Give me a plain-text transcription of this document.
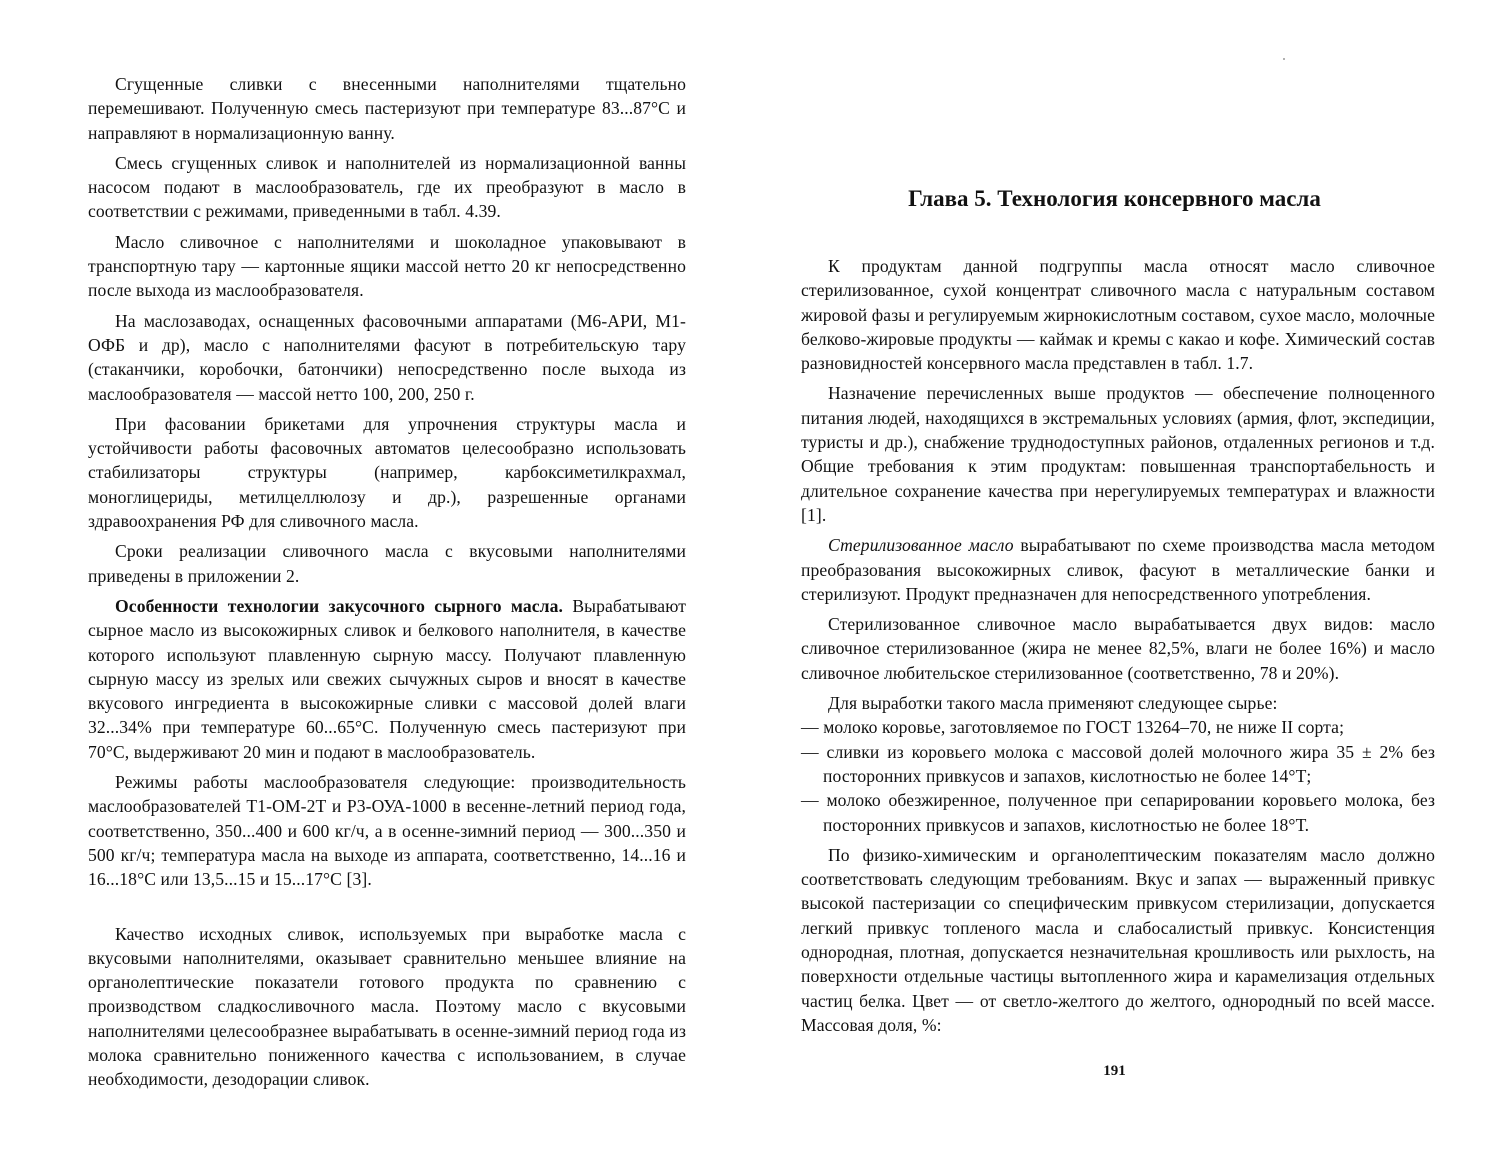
Сгущенные сливки с внесенными наполнителями тщательно перемешивают. Полученную смесь пастеризуют при температуре 83...87°С и направляют в нормализационную ванну.

Смесь сгущенных сливок и наполнителей из нормализационной ванны насосом подают в маслообразователь, где их преобразуют в масло в соответствии с режимами, приведенными в табл. 4.39.

Масло сливочное с наполнителями и шоколадное упаковывают в транспортную тару — картонные ящики массой нетто 20 кг непосредственно после выхода из маслообразователя.

На маслозаводах, оснащенных фасовочными аппаратами (М6-АРИ, М1-ОФБ и др), масло с наполнителями фасуют в потребительскую тару (стаканчики, коробочки, батончики) непосредственно после выхода из маслообразователя — массой нетто 100, 200, 250 г.

При фасовании брикетами для упрочнения структуры масла и устойчивости работы фасовочных автоматов целесообразно использовать стабилизаторы структуры (например, карбоксиметилкрахмал, моноглицериды, метилцеллюлозу и др.), разрешенные органами здравоохранения РФ для сливочного масла.

Сроки реализации сливочного масла с вкусовыми наполнителями приведены в приложении 2.

Особенности технологии закусочного сырного масла. Вырабатывают сырное масло из высокожирных сливок и белкового наполнителя, в качестве которого используют плавленную сырную массу. Получают плавленную сырную массу из зрелых или свежих сычужных сыров и вносят в качестве вкусового ингредиента в высокожирные сливки с массовой долей влаги 32...34% при температуре 60...65°С. Полученную смесь пастеризуют при 70°С, выдерживают 20 мин и подают в маслообразователь.

Режимы работы маслообразователя следующие: производительность маслообразователей Т1-ОМ-2Т и Р3-ОУА-1000 в весенне-летний период года, соответственно, 350...400 и 600 кг/ч, а в осенне-зимний период — 300...350 и 500 кг/ч; температура масла на выходе из аппарата, соответственно, 14...16 и 16...18°С или 13,5...15 и 15...17°С [3].

Качество исходных сливок, используемых при выработке масла с вкусовыми наполнителями, оказывает сравнительно меньшее влияние на органолептические показатели готового продукта по сравнению с производством сладкосливочного масла. Поэтому масло с вкусовыми наполнителями целесообразнее вырабатывать в осенне-зимний период года из молока сравнительно пониженного качества с использованием, в случае необходимости, дезодорации сливок.

Глава 5. Технология консервного масла

К продуктам данной подгруппы масла относят масло сливочное стерилизованное, сухой концентрат сливочного масла с натуральным составом жировой фазы и регулируемым жирнокислотным составом, сухое масло, молочные белково-жировые продукты — каймак и кремы с какао и кофе. Химический состав разновидностей консервного масла представлен в табл. 1.7.

Назначение перечисленных выше продуктов — обеспечение полноценного питания людей, находящихся в экстремальных условиях (армия, флот, экспедиции, туристы и др.), снабжение труднодоступных районов, отдаленных регионов и т.д. Общие требования к этим продуктам: повышенная транспортабельность и длительное сохранение качества при нерегулируемых температурах и влажности [1].

Стерилизованное масло вырабатывают по схеме производства масла методом преобразования высокожирных сливок, фасуют в металлические банки и стерилизуют. Продукт предназначен для непосредственного употребления.

Стерилизованное сливочное масло вырабатывается двух видов: масло сливочное стерилизованное (жира не менее 82,5%, влаги не более 16%) и масло сливочное любительское стерилизованное (соответственно, 78 и 20%).

Для выработки такого масла применяют следующее сырье:

— молоко коровье, заготовляемое по ГОСТ 13264–70, не ниже II сорта;
— сливки из коровьего молока с массовой долей молочного жира 35 ± 2% без посторонних привкусов и запахов, кислотностью не более 14°Т;
— молоко обезжиренное, полученное при сепарировании коровьего молока, без посторонних привкусов и запахов, кислотностью не более 18°Т.

По физико-химическим и органолептическим показателям масло должно соответствовать следующим требованиям. Вкус и запах — выраженный привкус высокой пастеризации со специфическим привкусом стерилизации, допускается легкий привкус топленого масла и слабосалистый привкус. Консистенция однородная, плотная, допускается незначительная крошливость или рыхлость, на поверхности отдельные частицы вытопленного жира и карамелизация отдельных частиц белка. Цвет — от светло-желтого до желтого, однородный по всей массе. Массовая доля, %:

191
